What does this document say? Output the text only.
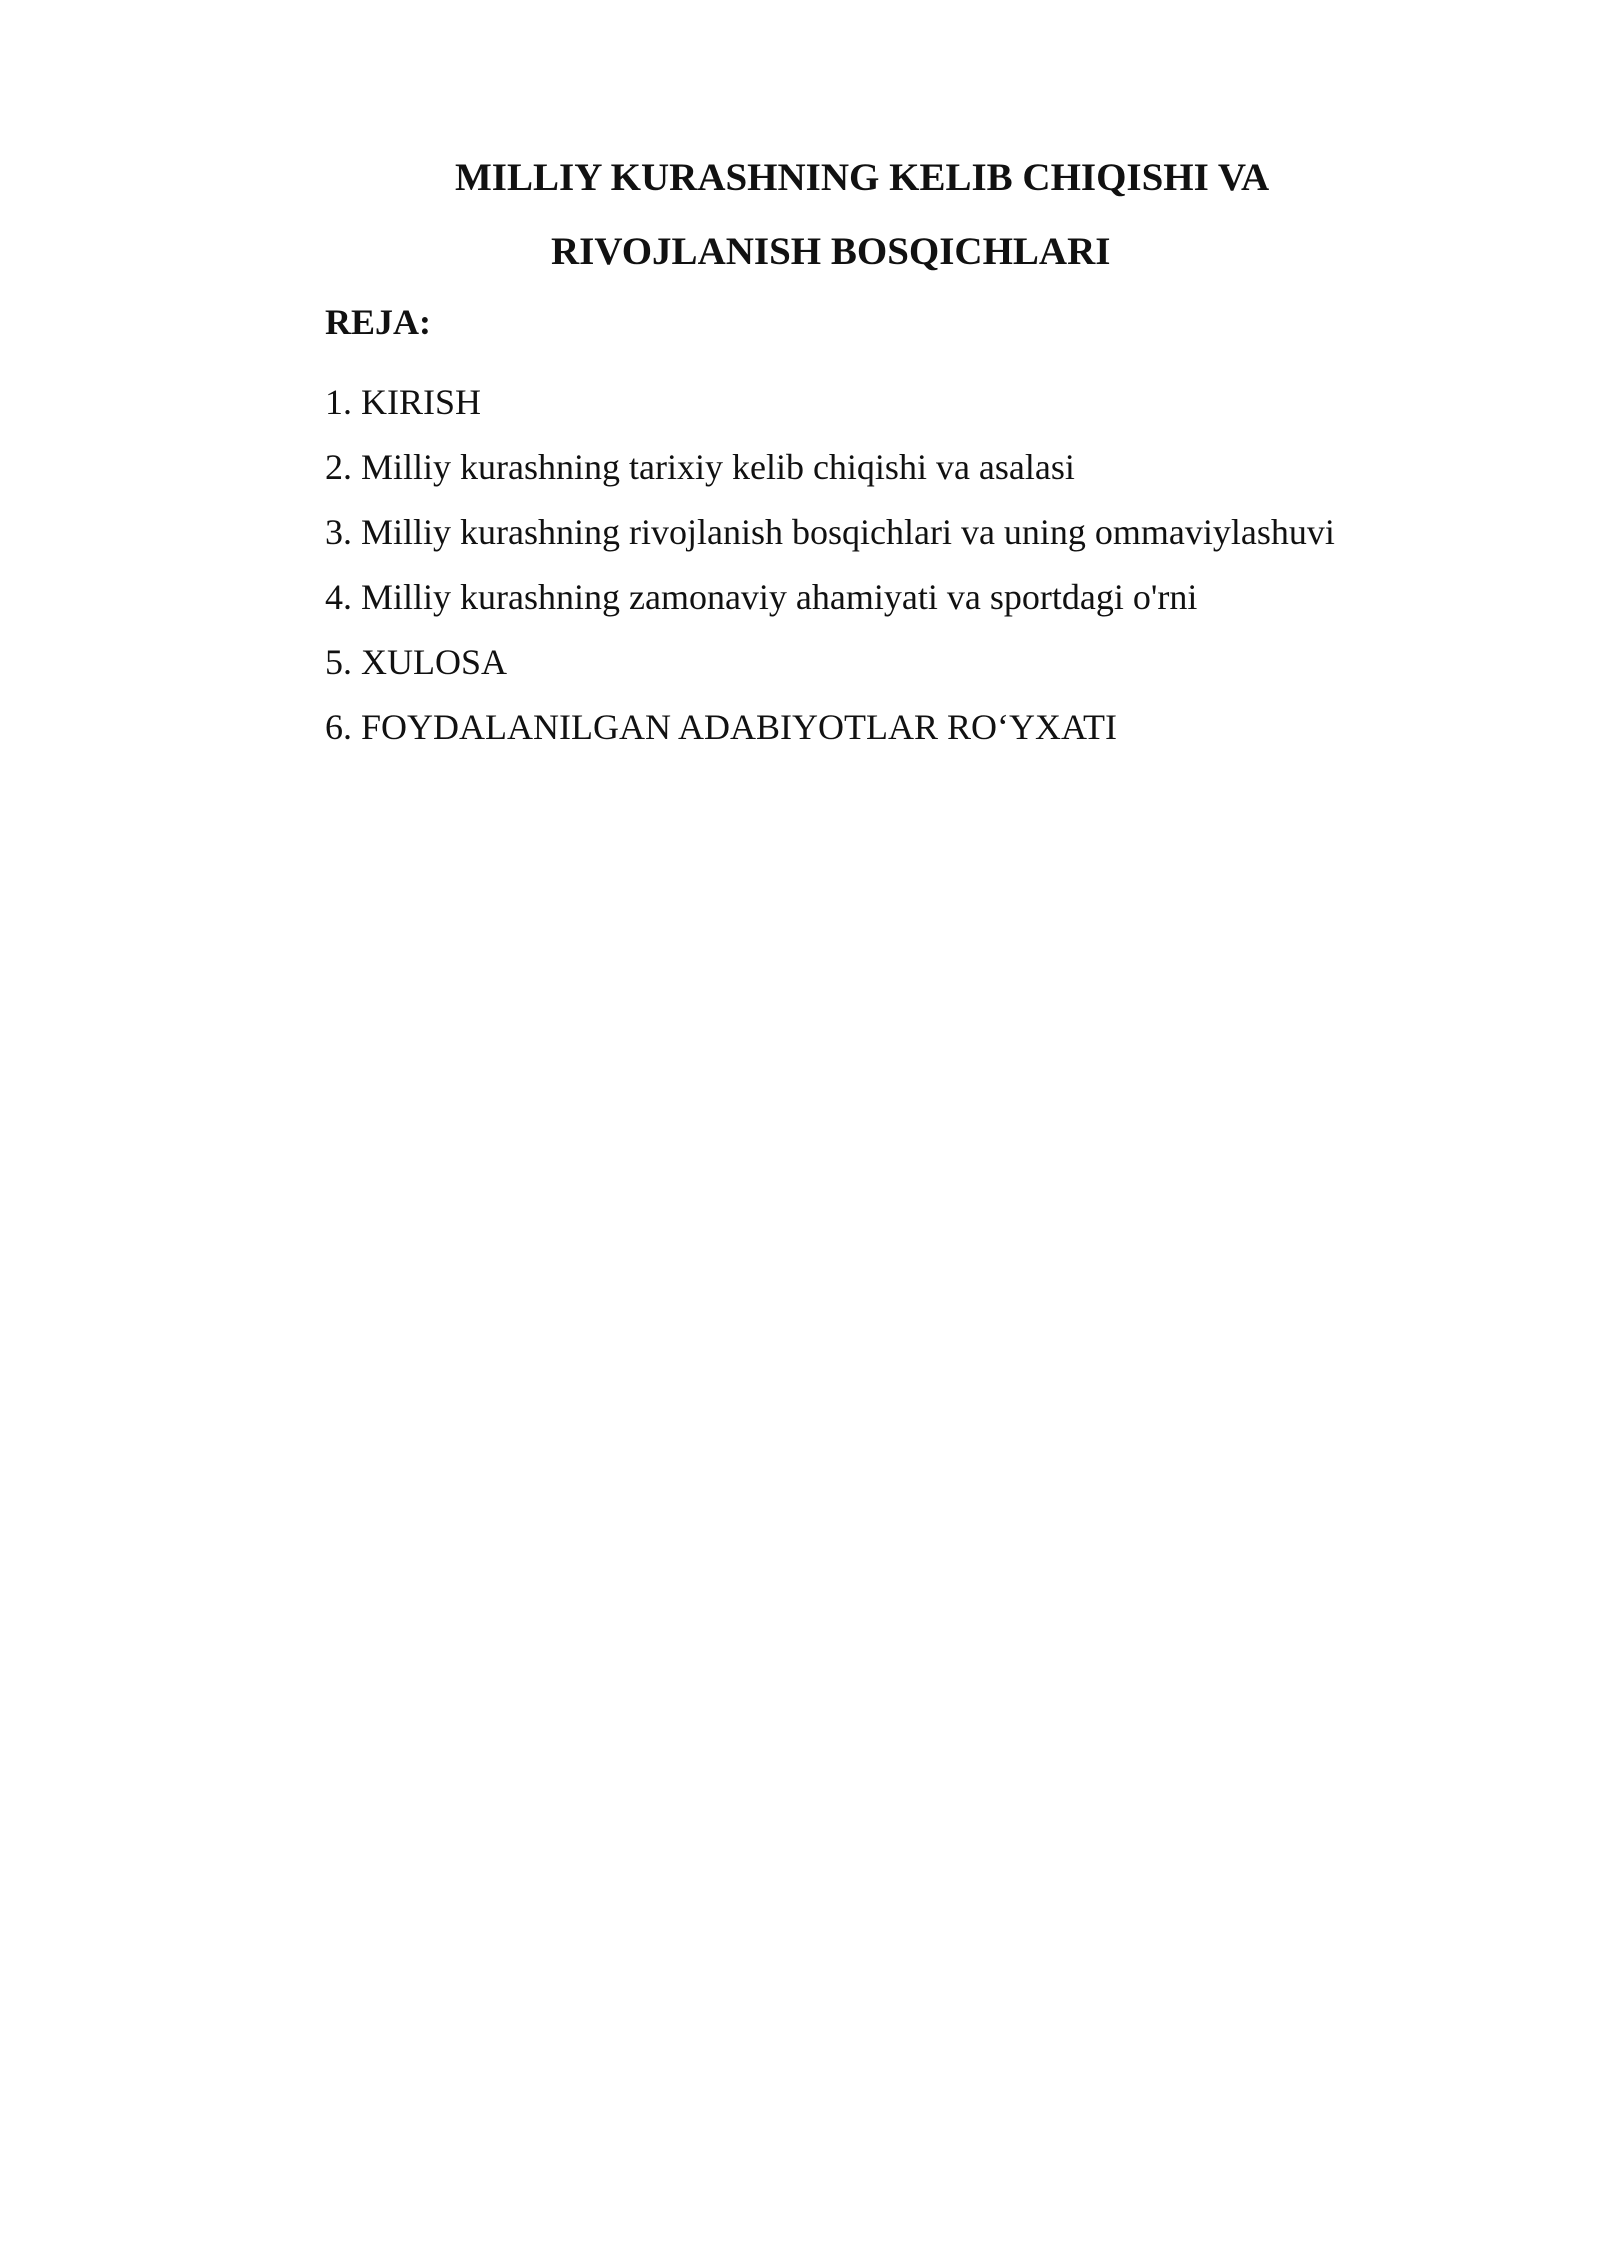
MILLIY KURASHNING KELIB CHIQISHI VA
RIVOJLANISH BOSQICHLARI
REJA:
1. KIRISH
2. Milliy kurashning tarixiy kelib chiqishi va asalasi
3. Milliy kurashning rivojlanish bosqichlari va uning ommaviylashuvi
4. Milliy kurashning zamonaviy ahamiyati va sportdagi o'rni
5. XULOSA
6. FOYDALANILGAN ADABIYOTLAR RO‘YXATI
